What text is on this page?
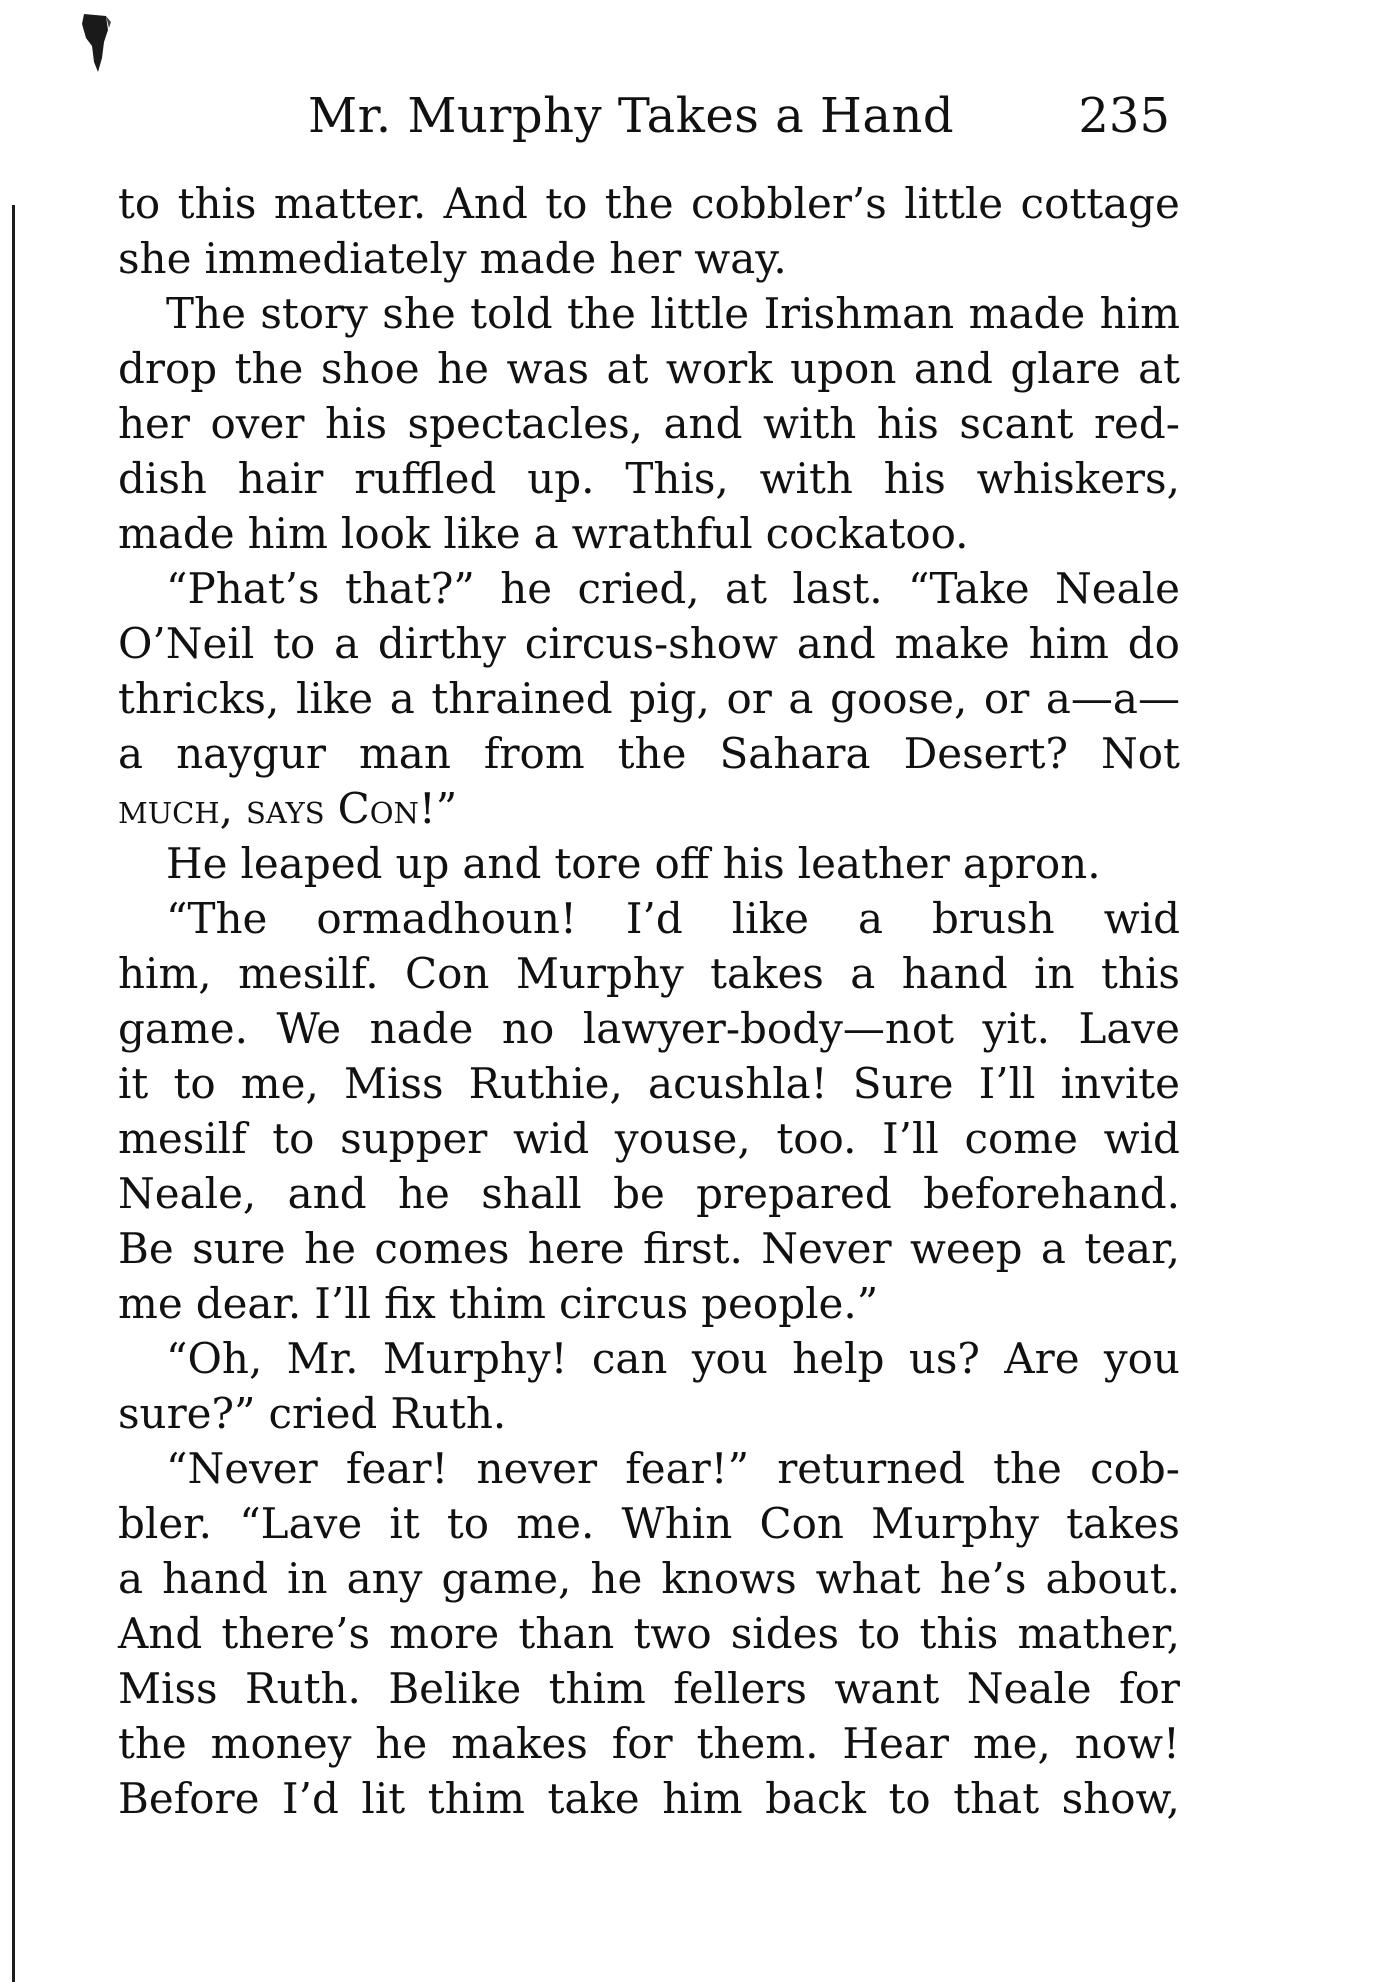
Mr. Murphy Takes a Hand	235
to this matter. And to the cobbler’s little cottage
she immediately made her way.
The story she told the little Irishman made him
drop the shoe he was at work upon and glare at
her over his spectacles, and with his scant red-
dish hair ruffled up. This, with his whiskers,
made him look like a wrathful cockatoo.
“Phat’s that?” he cried, at last. “Take Neale
O’Neil to a dirthy circus-show and make him do
thricks, like a thrained pig, or a goose, or a—a—
a naygur man from the Sahara Desert? Not
much, says Con!”
He leaped up and tore off his leather apron.
“The ormadhoun! I’d like a brush wid
him, mesilf. Con Murphy takes a hand in this
game. We nade no lawyer-body—not yit. Lave
it to me, Miss Ruthie, acushla! Sure I’ll invite
mesilf to supper wid youse, too. I’ll come wid
Neale, and he shall be prepared beforehand.
Be sure he comes here first. Never weep a tear,
me dear. I’ll fix thim circus people.”
“Oh, Mr. Murphy! can you help us? Are you
sure?” cried Ruth.
“Never fear! never fear!” returned the cob-
bler. “Lave it to me. Whin Con Murphy takes
a hand in any game, he knows what he’s about.
And there’s more than two sides to this mather,
Miss Ruth. Belike thim fellers want Neale for
the money he makes for them. Hear me, now!
Before I’d lit thim take him back to that show,
